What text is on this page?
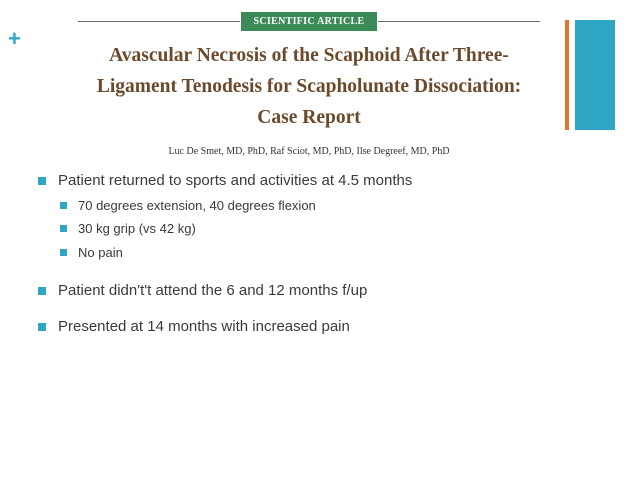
+
SCIENTIFIC ARTICLE
Avascular Necrosis of the Scaphoid After Three-
Ligament Tenodesis for Scapholunate Dissociation:
Case Report
Luc De Smet, MD, PhD, Raf Sciot, MD, PhD, Ilse Degreef, MD, PhD
Patient returned to sports and activities at 4.5 months
70 degrees extension, 40 degrees flexion
30 kg grip (vs 42 kg)
No pain
Patient didn't't attend the 6 and 12 months f/up
Presented at 14 months with increased pain
